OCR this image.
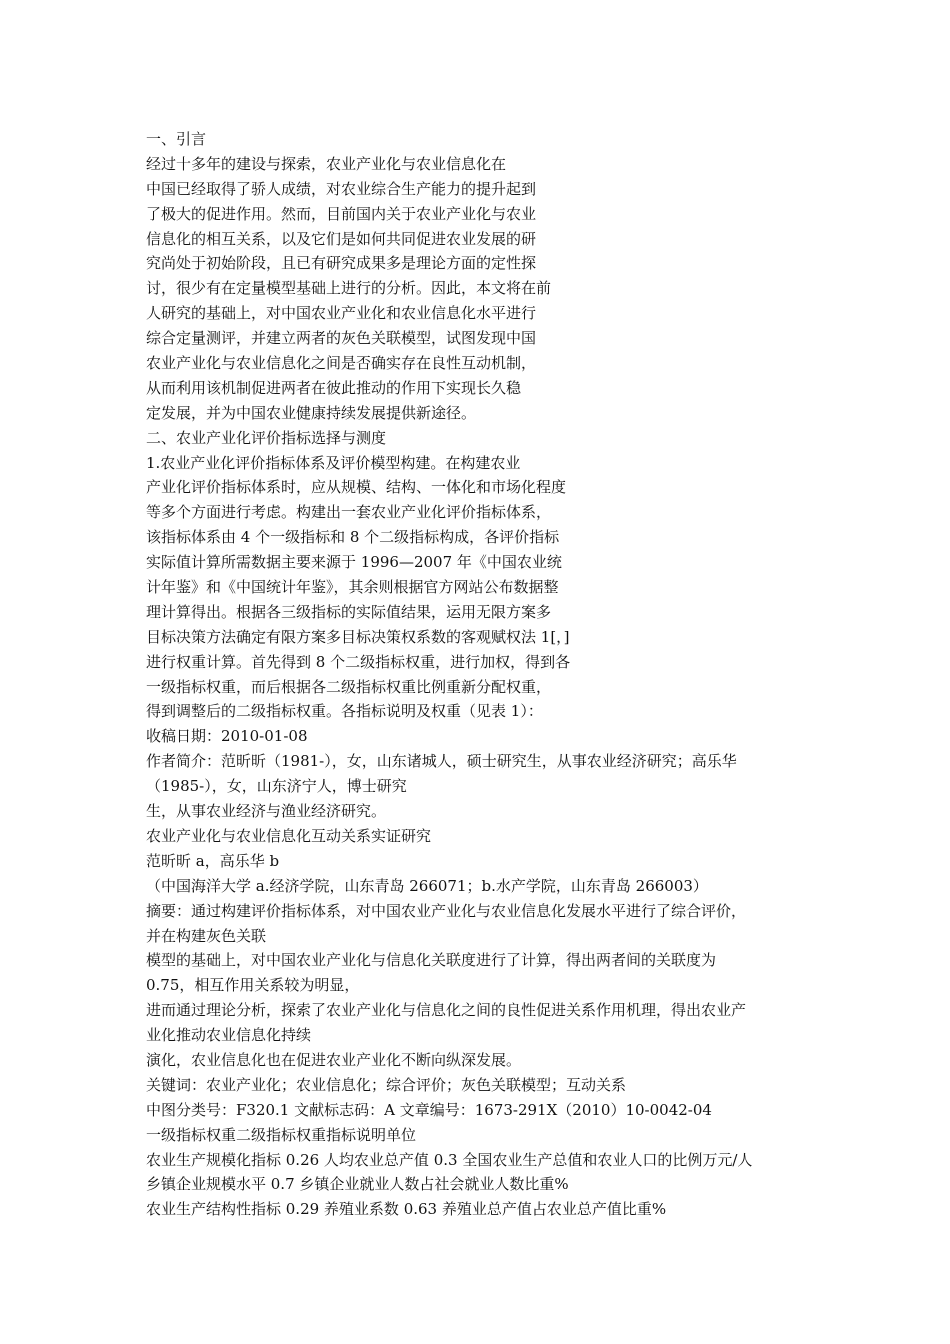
一、引言

经过十多年的建设与探索，农业产业化与农业信息化在

中国已经取得了骄人成绩，对农业综合生产能力的提升起到

了极大的促进作用。然而，目前国内关于农业产业化与农业

信息化的相互关系，以及它们是如何共同促进农业发展的研

究尚处于初始阶段，且已有研究成果多是理论方面的定性探

讨，很少有在定量模型基础上进行的分析。因此，本文将在前

人研究的基础上，对中国农业产业化和农业信息化水平进行

综合定量测评，并建立两者的灰色关联模型，试图发现中国

农业产业化与农业信息化之间是否确实存在良性互动机制，

从而利用该机制促进两者在彼此推动的作用下实现长久稳

定发展，并为中国农业健康持续发展提供新途径。

二、农业产业化评价指标选择与测度

1.农业产业化评价指标体系及评价模型构建。在构建农业

产业化评价指标体系时，应从规模、结构、一体化和市场化程度

等多个方面进行考虑。构建出一套农业产业化评价指标体系，

该指标体系由 4 个一级指标和 8 个二级指标构成，各评价指标

实际值计算所需数据主要来源于 1996—2007 年《中国农业统

计年鉴》和《中国统计年鉴》，其余则根据官方网站公布数据整

理计算得出。根据各三级指标的实际值结果，运用无限方案多

目标决策方法确定有限方案多目标决策权系数的客观赋权法 1[，]

进行权重计算。首先得到 8 个二级指标权重，进行加权，得到各

一级指标权重，而后根据各二级指标权重比例重新分配权重，

得到调整后的二级指标权重。各指标说明及权重（见表 1）：

收稿日期：2010-01-08

作者简介：范昕昕（1981-），女，山东诸城人，硕士研究生，从事农业经济研究；高乐华

（1985-），女，山东济宁人，博士研究

生，从事农业经济与渔业经济研究。

农业产业化与农业信息化互动关系实证研究

范昕昕 a，高乐华 b

（中国海洋大学 a.经济学院，山东青岛 266071；b.水产学院，山东青岛 266003）

摘要：通过构建评价指标体系，对中国农业产业化与农业信息化发展水平进行了综合评价，

并在构建灰色关联

模型的基础上，对中国农业产业化与信息化关联度进行了计算，得出两者间的关联度为

0.75，相互作用关系较为明显，

进而通过理论分析，探索了农业产业化与信息化之间的良性促进关系作用机理，得出农业产

业化推动农业信息化持续

演化，农业信息化也在促进农业产业化不断向纵深发展。

关键词：农业产业化；农业信息化；综合评价；灰色关联模型；互动关系

中图分类号：F320.1 文献标志码：A 文章编号：1673-291X（2010）10-0042-04

一级指标权重二级指标权重指标说明单位

农业生产规模化指标 0.26 人均农业总产值 0.3 全国农业生产总值和农业人口的比例万元/人

乡镇企业规模水平 0.7 乡镇企业就业人数占社会就业人数比重%

农业生产结构性指标 0.29 养殖业系数 0.63 养殖业总产值占农业总产值比重%
